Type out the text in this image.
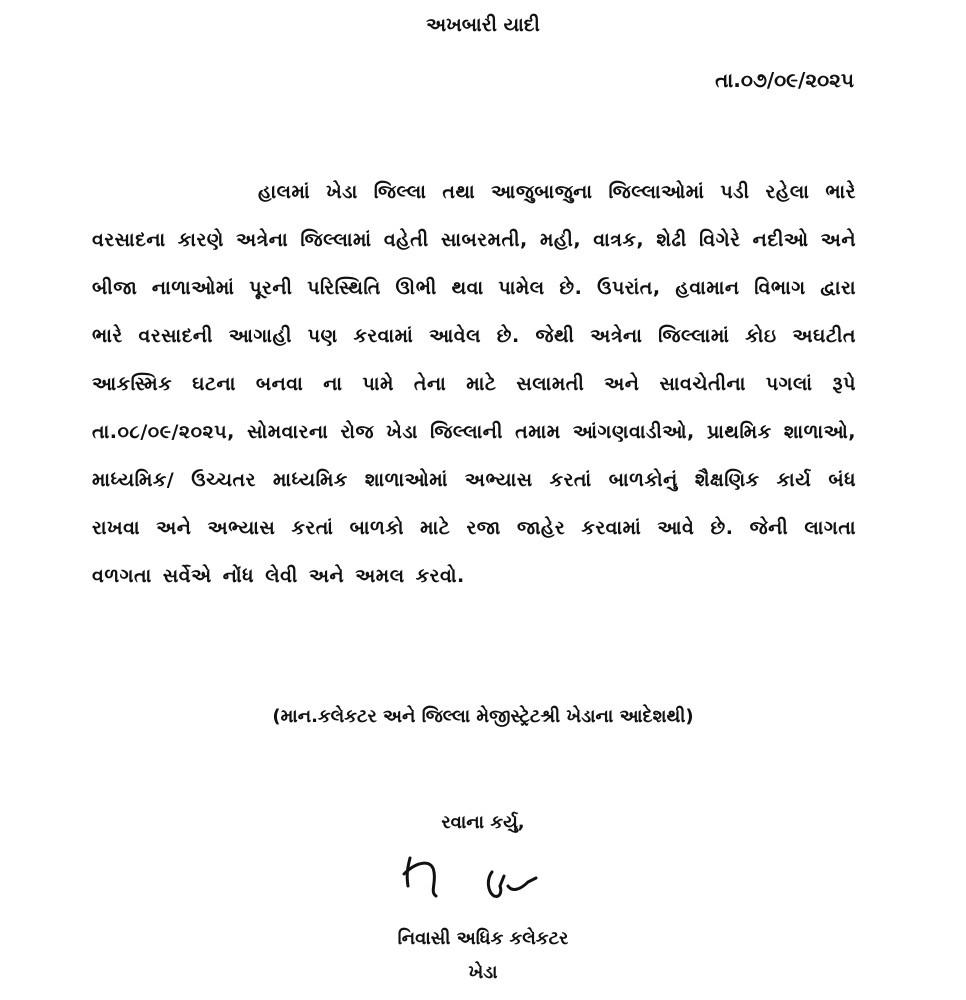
અખબારી યાદી
તા.૦૭/૦૯/૨૦૨૫

હાલમાં ખેડા જિલ્લા તથા આજુબાજુના જિલ્લાઓમાં પડી રહેલા ભારે વરસાદના કારણે અત્રેના જિલ્લામાં વહેતી સાબરમતી, મહી, વાત્રક, શેઢી વિગેરે નદીઓ અને બીજા નાળાઓમાં પૂરની પરિસ્થિતિ ઊભી થવા પામેલ છે. ઉપરાંત, હવામાન વિભાગ દ્વારા ભારે વરસાદની આગાહી પણ કરવામાં આવેલ છે. જેથી અત્રેના જિલ્લામાં કોઇ અઘટીત આકસ્મિક ઘટના બનવા ના પામે તેના માટે સલામતી અને સાવચેતીના પગલાં રૂપે તા.૦૮/૦૯/૨૦૨૫, સોમવારના રોજ ખેડા જિલ્લાની તમામ આંગણવાડીઓ, પ્રાથમિક શાળાઓ, માધ્યમિક/ ઉચ્ચતર માધ્યમિક શાળાઓમાં અભ્યાસ કરતાં બાળકોનું શૈક્ષણિક કાર્ય બંધ રાખવા અને અભ્યાસ કરતાં બાળકો માટે રજા જાહેર કરવામાં આવે છે. જેની લાગતા વળગતા સર્વેએ નોંધ લેવી અને અમલ કરવો.

(માન.કલેકટર અને જિલ્લા મેજીસ્ટ્રેટશ્રી ખેડાના આદેશથી)
રવાના કર્યુ,
નિવાસી અધિક કલેકટર
ખેડા
